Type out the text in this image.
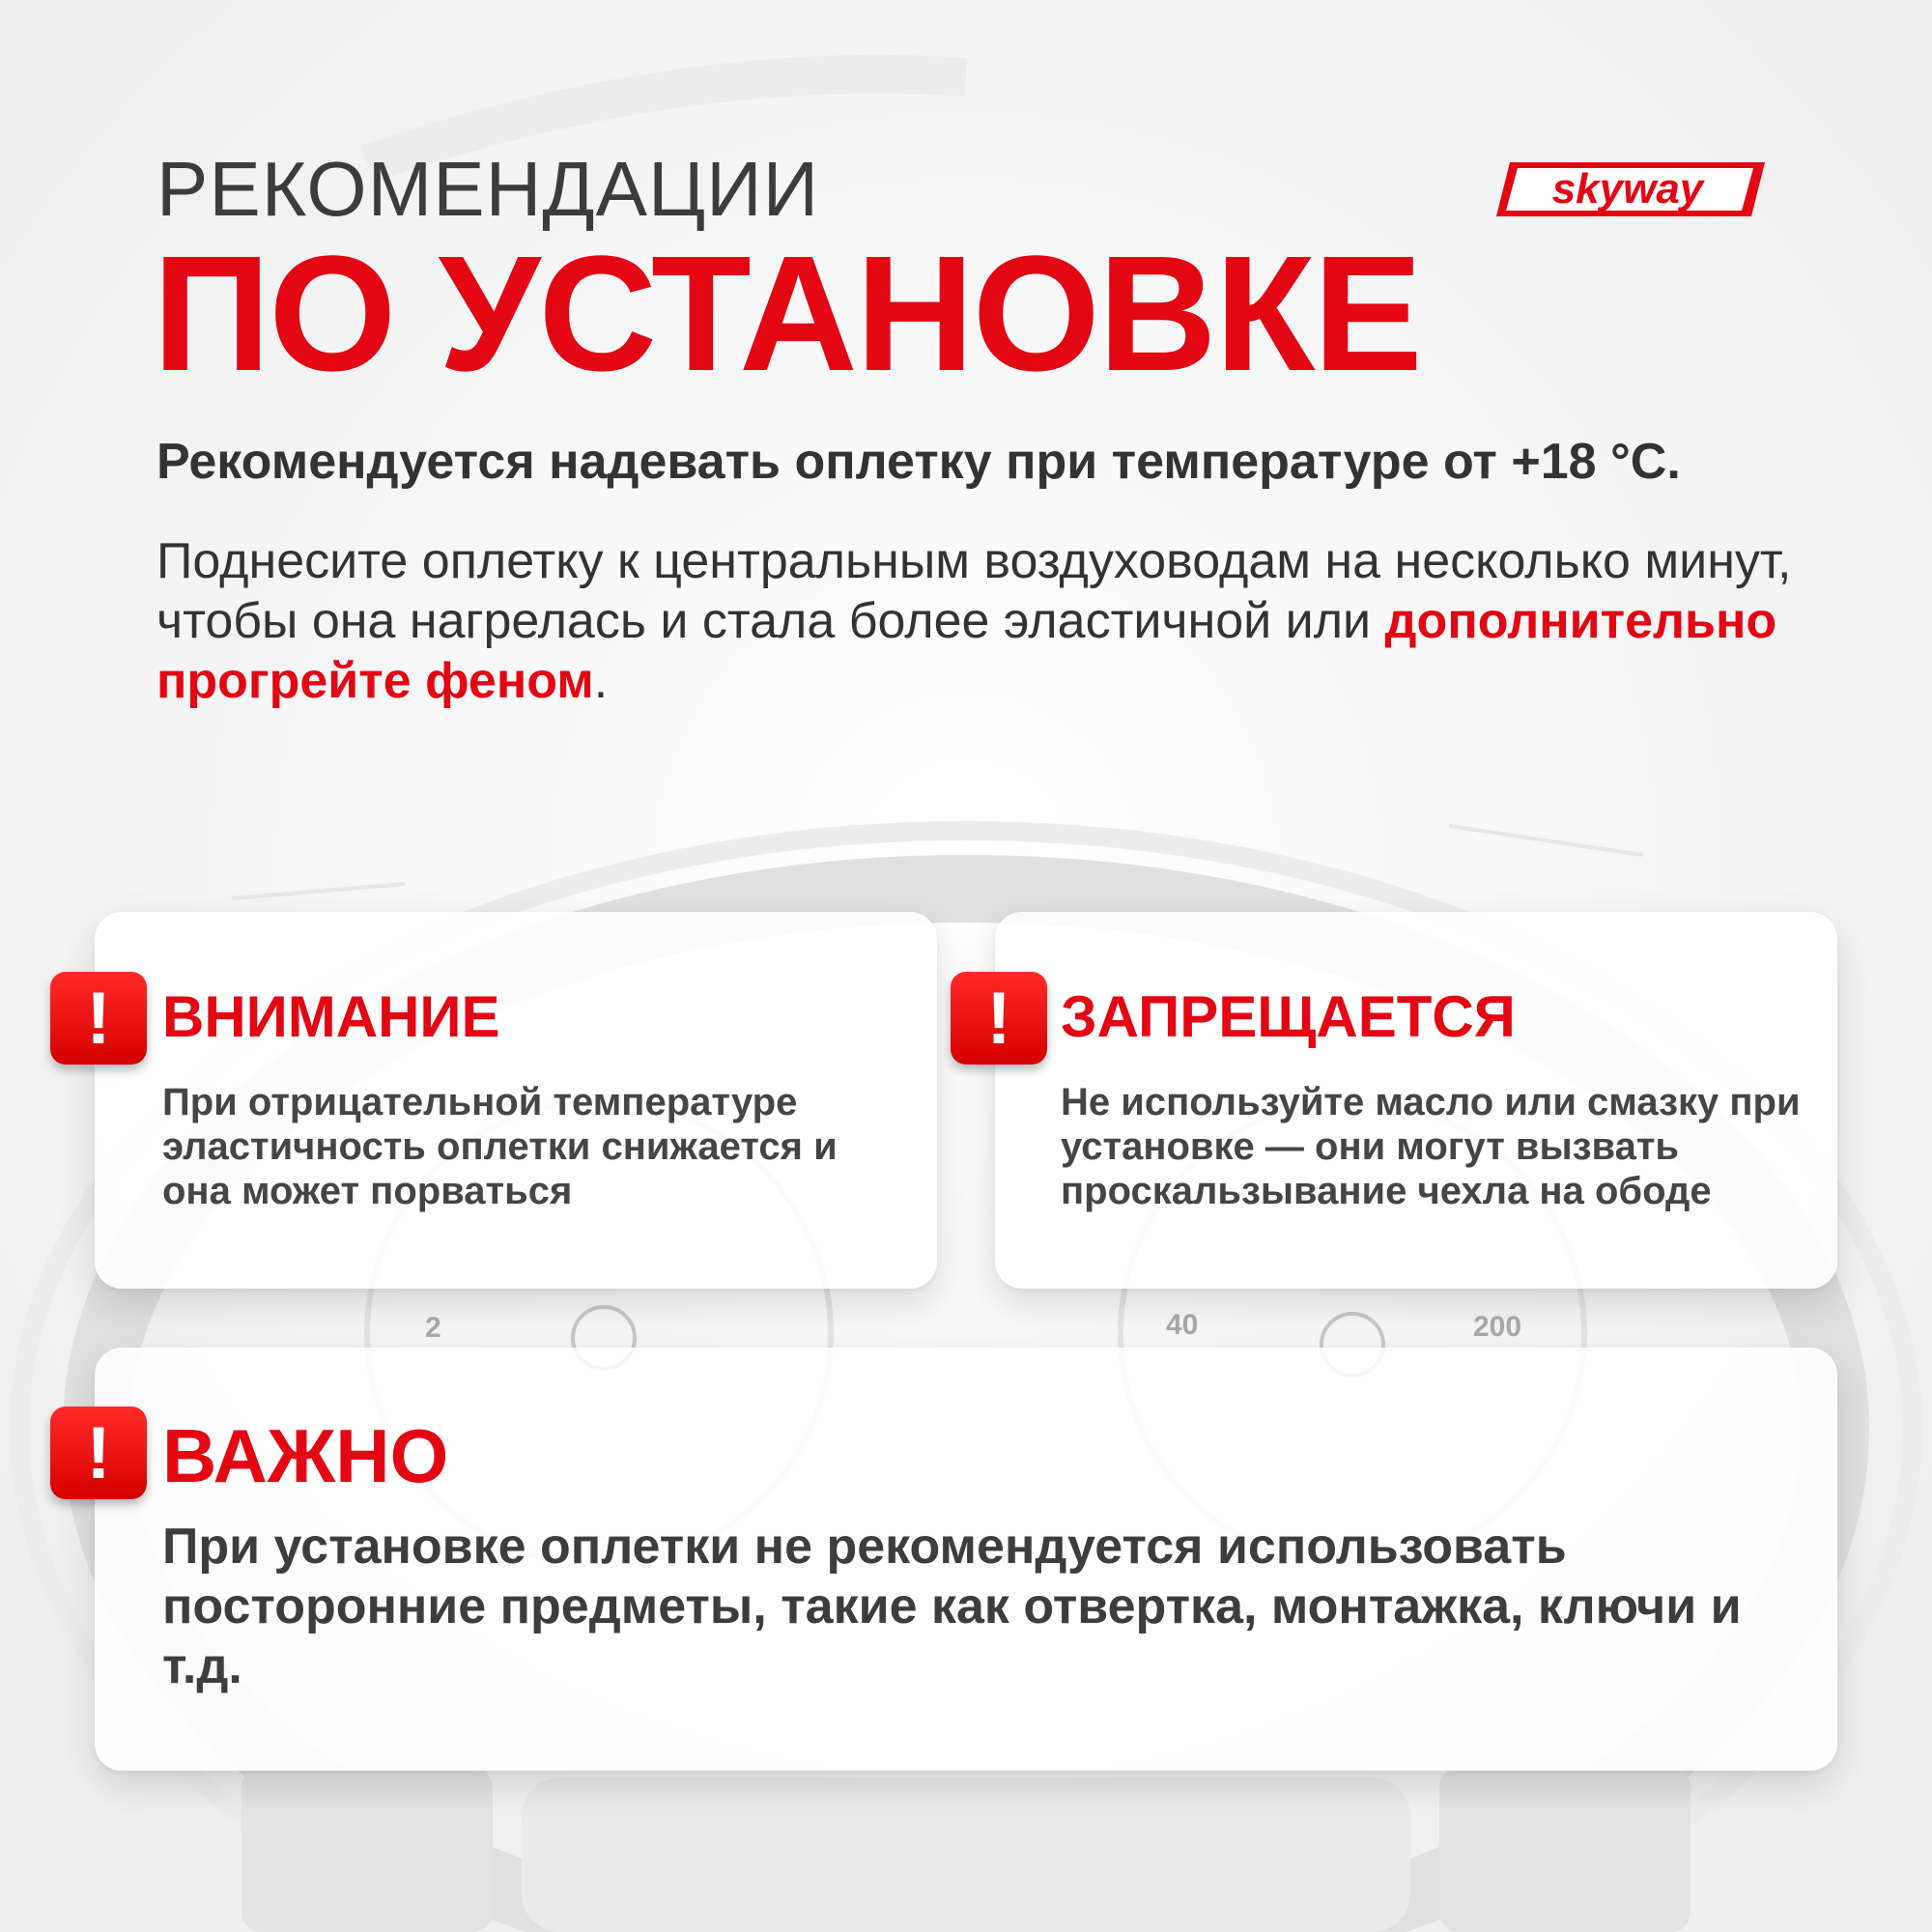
2	40	200
РЕКОМЕНДАЦИИ
ПО УСТАНОВКЕ
skyway
Рекомендуется надевать оплетку при температуре от +18 °С.
Поднесите оплетку к центральным воздуховодам на несколько минут, чтобы она нагрелась и стала более эластичной или дополнительно прогрейте феном.
! ВНИМАНИЕ
При отрицательной температуре эластичность оплетки снижается и она может порваться
! ЗАПРЕЩАЕТСЯ
Не используйте масло или смазку при установке — они могут вызвать проскальзывание чехла на ободе
! ВАЖНО
При установке оплетки не рекомендуется использовать посторонние предметы, такие как отвертка, монтажка, ключи и т.д.
